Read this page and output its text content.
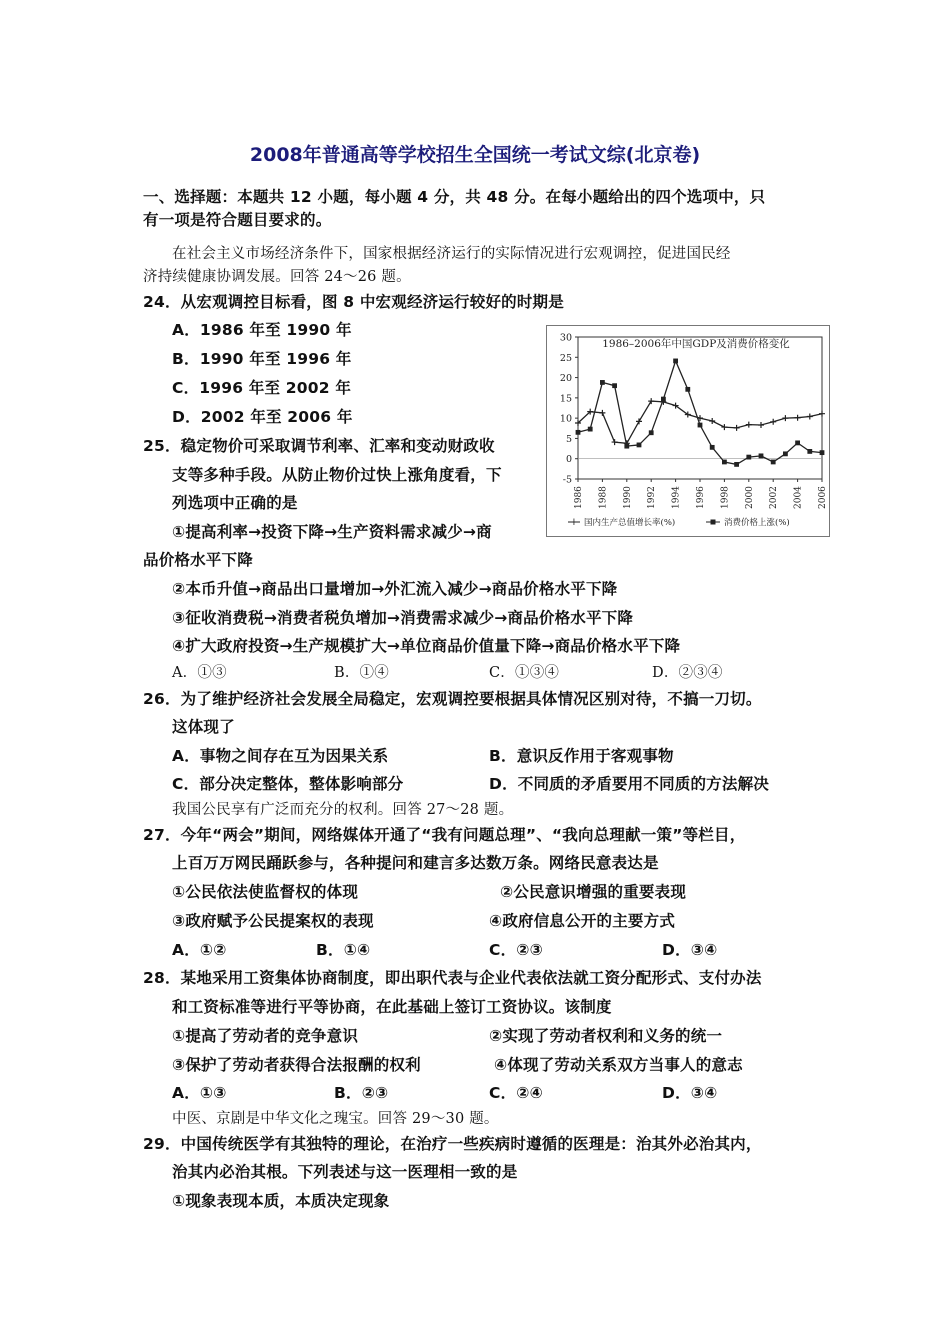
2008年普通高等学校招生全国统一考试文综(北京卷)
一、选择题：本题共 12 小题，每小题 4 分，共 48 分。在每小题给出的四个选项中，只
有一项是符合题目要求的。
在社会主义市场经济条件下，国家根据经济运行的实际情况进行宏观调控，促进国民经
济持续健康协调发展。回答 24～26 题。
24．从宏观调控目标看，图 8 中宏观经济运行较好的时期是
A．1986 年至 1990 年
B．1990 年至 1996 年
C．1996 年至 2002 年
D．2002 年至 2006 年
-5
0
5
10
15
20
25
30
1986 1988 1990 1992 1994 1996 1998 2000 2002 2004 2006
1986–2006年中国GDP及消费价格变化
+ 国内生产总值增长率(%)	消费价格上涨(%)
25．稳定物价可采取调节利率、汇率和变动财政收
支等多种手段。从防止物价过快上涨角度看，下
列选项中正确的是
①提高利率→投资下降→生产资料需求减少→商
品价格水平下降
②本币升值→商品出口量增加→外汇流入减少→商品价格水平下降
③征收消费税→消费者税负增加→消费需求减少→商品价格水平下降
④扩大政府投资→生产规模扩大→单位商品价值量下降→商品价格水平下降
A．①③	B．①④	C．①③④	D．②③④
26．为了维护经济社会发展全局稳定，宏观调控要根据具体情况区别对待，不搞一刀切。
这体现了
A．事物之间存在互为因果关系	B．意识反作用于客观事物
C．部分决定整体，整体影响部分	D．不同质的矛盾要用不同质的方法解决
我国公民享有广泛而充分的权利。回答 27～28 题。
27．今年“两会”期间，网络媒体开通了“我有问题总理”、“我向总理献一策”等栏目，
上百万万网民踊跃参与，各种提问和建言多达数万条。网络民意表达是
①公民依法使监督权的体现	②公民意识增强的重要表现
③政府赋予公民提案权的表现	④政府信息公开的主要方式
A．①②	B．①④	C．②③	D．③④
28．某地采用工资集体协商制度，即出职代表与企业代表依法就工资分配形式、支付办法
和工资标准等进行平等协商，在此基础上签订工资协议。该制度
①提高了劳动者的竞争意识	②实现了劳动者权利和义务的统一
③保护了劳动者获得合法报酬的权利	④体现了劳动关系双方当事人的意志
A．①③	B．②③	C．②④	D．③④
中医、京剧是中华文化之瑰宝。回答 29～30 题。
29．中国传统医学有其独特的理论，在治疗一些疾病时遵循的医理是：治其外必治其内，
治其内必治其根。下列表述与这一医理相一致的是
①现象表现本质，本质决定现象
